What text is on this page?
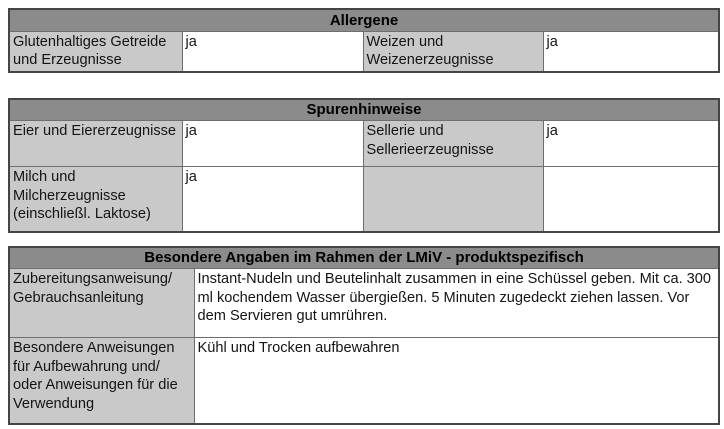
Allergene
Glutenhaltiges Getreide und Erzeugnisse	ja	Weizen und Weizenerzeugnisse	ja
Spurenhinweise			
Eier und Eiererzeugnisse	ja	Sellerie und Sellerieerzeugnisse	ja
Milch und Milcherzeugnisse (einschließl. Laktose)	ja		
Besondere Angaben im Rahmen der LMiV - produktspezifisch	
Zubereitungsanweisung/ Gebrauchsanleitung	Instant-Nudeln und Beutelinhalt zusammen in eine Schüssel geben. Mit ca. 300 ml kochendem Wasser übergießen. 5 Minuten zugedeckt ziehen lassen. Vor dem Servieren gut umrühren.
Besondere Anweisungen für Aufbewahrung und/ oder Anweisungen für die Verwendung	Kühl und Trocken aufbewahren
